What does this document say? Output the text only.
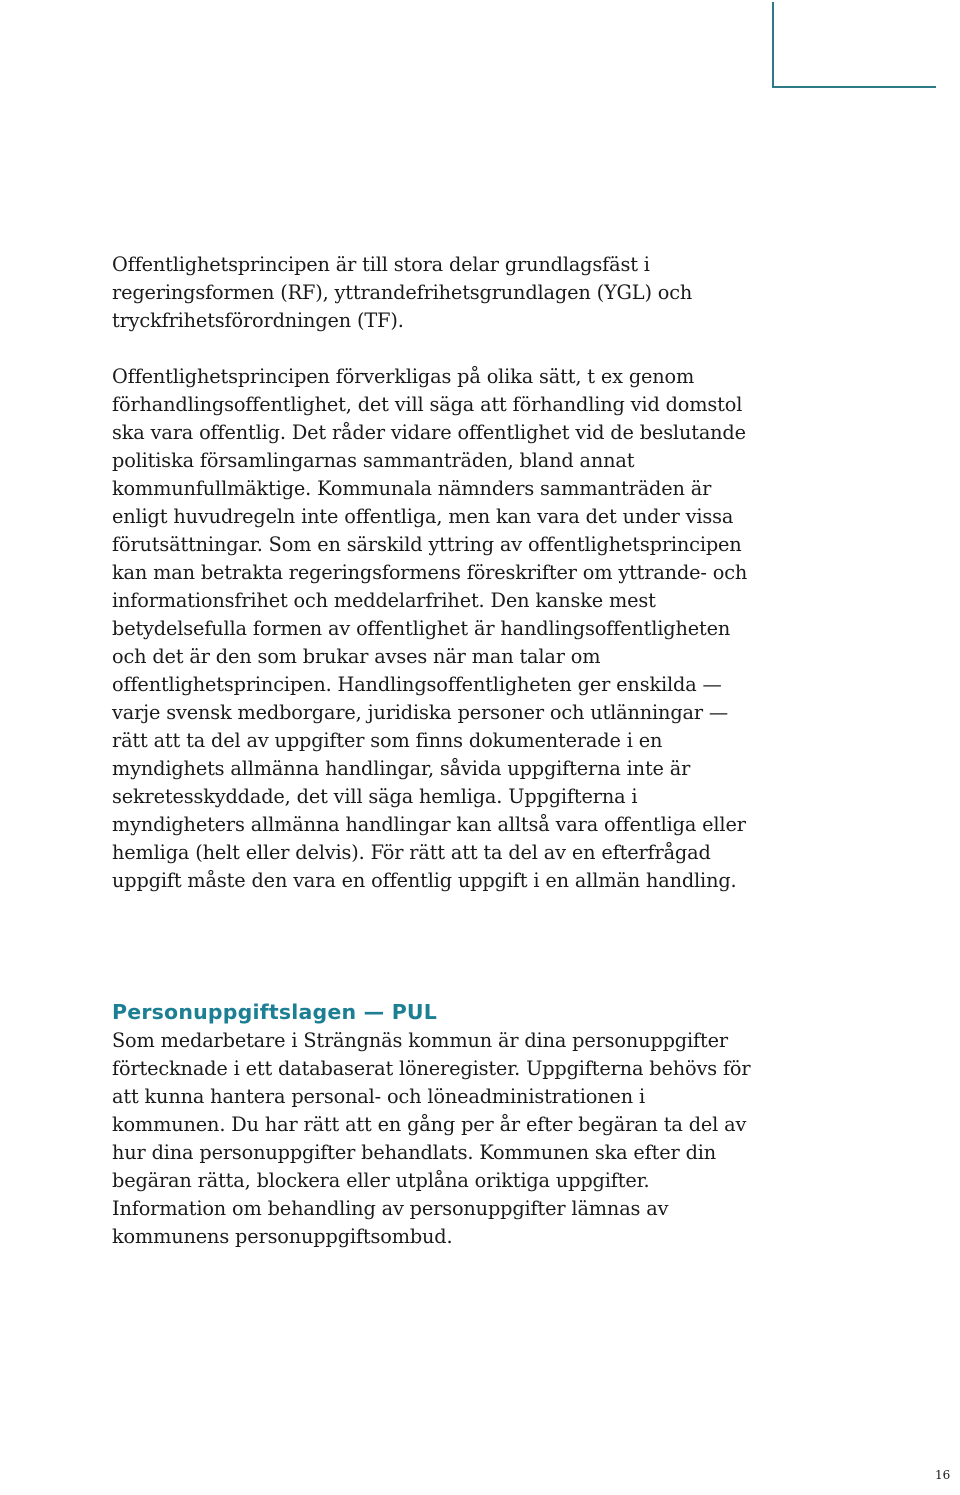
Offentlighetsprincipen är till stora delar grundlagsfäst i regeringsformen (RF), yttrandefrihetsgrundlagen (YGL) och tryckfrihetsförordningen (TF).

Offentlighetsprincipen förverkligas på olika sätt, t ex genom förhandlingsoffentlighet, det vill säga att förhandling vid domstol ska vara offentlig. Det råder vidare offentlighet vid de beslutande politiska församlingarnas sammanträden, bland annat kommunfullmäktige. Kommunala nämnders sammanträden är enligt huvudregeln inte offentliga, men kan vara det under vissa förutsättningar. Som en särskild yttring av offentlighetsprincipen kan man betrakta regeringsformens föreskrifter om yttrande- och informationsfrihet och meddelarfrihet. Den kanske mest betydelsefulla formen av offentlighet är handlingsoffentligheten och det är den som brukar avses när man talar om offentlighetsprincipen. Handlingsoffentligheten ger enskilda — varje svensk medborgare, juridiska personer och utlänningar — rätt att ta del av uppgifter som finns dokumenterade i en myndighets allmänna handlingar, såvida uppgifterna inte är sekretesskyddade, det vill säga hemliga. Uppgifterna i myndigheters allmänna handlingar kan alltså vara offentliga eller hemliga (helt eller delvis). För rätt att ta del av en efterfrågad uppgift måste den vara en offentlig uppgift i en allmän handling.

Personuppgiftslagen — PUL

Som medarbetare i Strängnäs kommun är dina personuppgifter förtecknade i ett databaserat löneregister. Uppgifterna behövs för att kunna hantera personal- och löneadministrationen i kommunen. Du har rätt att en gång per år efter begäran ta del av hur dina personuppgifter behandlats. Kommunen ska efter din begäran rätta, blockera eller utplåna oriktiga uppgifter. Information om behandling av personuppgifter lämnas av kommunens personuppgiftsombud.

16
